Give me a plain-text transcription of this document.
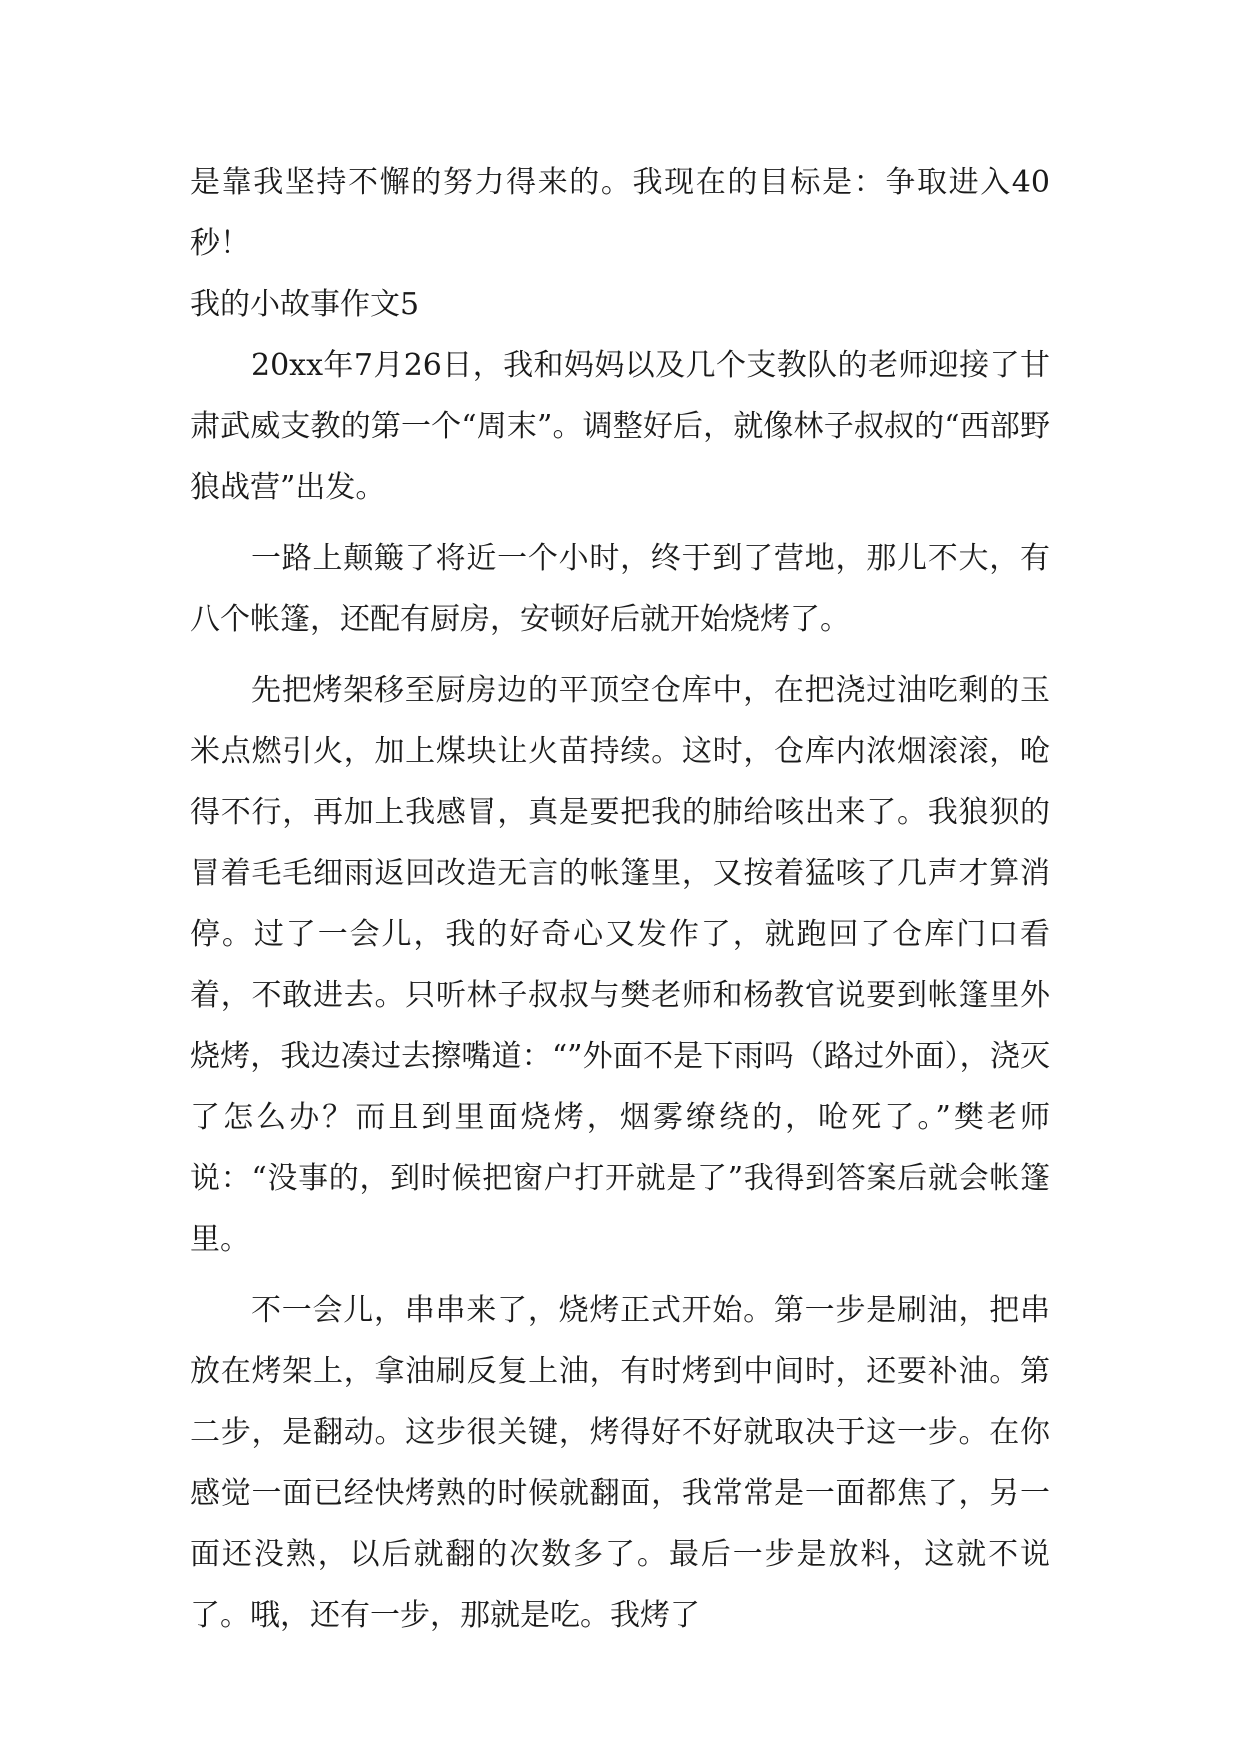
是靠我坚持不懈的努力得来的。我现在的目标是：争取进入40秒！

我的小故事作文5

20xx年7月26日，我和妈妈以及几个支教队的老师迎接了甘肃武威支教的第一个“周末”。调整好后，就像林子叔叔的“西部野狼战营”出发。

一路上颠簸了将近一个小时，终于到了营地，那儿不大，有八个帐篷，还配有厨房，安顿好后就开始烧烤了。

先把烤架移至厨房边的平顶空仓库中，在把浇过油吃剩的玉米点燃引火，加上煤块让火苗持续。这时，仓库内浓烟滚滚，呛得不行，再加上我感冒，真是要把我的肺给咳出来了。我狼狈的冒着毛毛细雨返回改造无言的帐篷里，又按着猛咳了几声才算消停。过了一会儿，我的好奇心又发作了，就跑回了仓库门口看着，不敢进去。只听林子叔叔与樊老师和杨教官说要到帐篷里外烧烤，我边凑过去擦嘴道：“”外面不是下雨吗（路过外面），浇灭了怎么办？而且到里面烧烤，烟雾缭绕的，呛死了。”樊老师说：“没事的，到时候把窗户打开就是了”我得到答案后就会帐篷里。

不一会儿，串串来了，烧烤正式开始。第一步是刷油，把串放在烤架上，拿油刷反复上油，有时烤到中间时，还要补油。第二步，是翻动。这步很关键，烤得好不好就取决于这一步。在你感觉一面已经快烤熟的时候就翻面，我常常是一面都焦了，另一面还没熟，以后就翻的次数多了。最后一步是放料，这就不说了。哦，还有一步，那就是吃。我烤了
